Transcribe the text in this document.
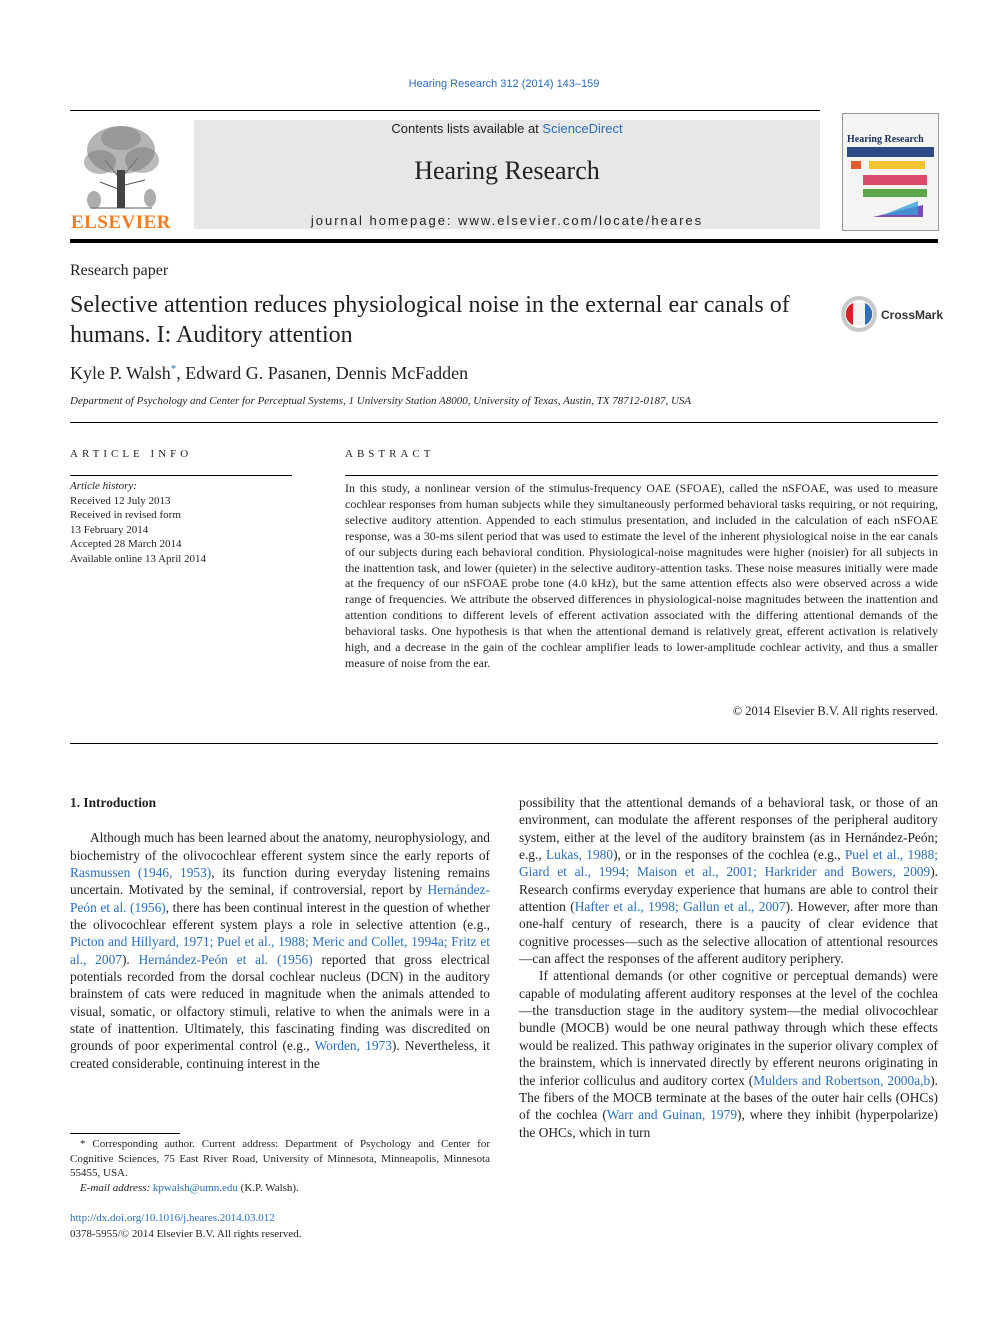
Hearing Research 312 (2014) 143–159
ELSEVIER
Contents lists available at ScienceDirect
Hearing Research
journal homepage: www.elsevier.com/locate/heares
Hearing Research
Research paper
Selective attention reduces physiological noise in the external ear canals of humans. I: Auditory attention
CrossMark
Kyle P. Walsh*, Edward G. Pasanen, Dennis McFadden
Department of Psychology and Center for Perceptual Systems, 1 University Station A8000, University of Texas, Austin, TX 78712-0187, USA
ARTICLE INFO
Article history:
Received 12 July 2013
Received in revised form
13 February 2014
Accepted 28 March 2014
Available online 13 April 2014
ABSTRACT
In this study, a nonlinear version of the stimulus-frequency OAE (SFOAE), called the nSFOAE, was used to measure cochlear responses from human subjects while they simultaneously performed behavioral tasks requiring, or not requiring, selective auditory attention. Appended to each stimulus presentation, and included in the calculation of each nSFOAE response, was a 30-ms silent period that was used to estimate the level of the inherent physiological noise in the ear canals of our subjects during each behavioral condition. Physiological-noise magnitudes were higher (noisier) for all subjects in the inattention task, and lower (quieter) in the selective auditory-attention tasks. These noise measures initially were made at the frequency of our nSFOAE probe tone (4.0 kHz), but the same attention effects also were observed across a wide range of frequencies. We attribute the observed differences in physiological-noise magnitudes between the inattention and attention conditions to different levels of efferent activation associated with the differing attentional demands of the behavioral tasks. One hypothesis is that when the attentional demand is relatively great, efferent activation is relatively high, and a decrease in the gain of the cochlear amplifier leads to lower-amplitude cochlear activity, and thus a smaller measure of noise from the ear.
© 2014 Elsevier B.V. All rights reserved.
1. Introduction

Although much has been learned about the anatomy, neurophysiology, and biochemistry of the olivocochlear efferent system since the early reports of Rasmussen (1946, 1953), its function during everyday listening remains uncertain. Motivated by the seminal, if controversial, report by Hernández-Peón et al. (1956), there has been continual interest in the question of whether the olivocochlear efferent system plays a role in selective attention (e.g., Picton and Hillyard, 1971; Puel et al., 1988; Meric and Collet, 1994a; Fritz et al., 2007). Hernández-Peón et al. (1956) reported that gross electrical potentials recorded from the dorsal cochlear nucleus (DCN) in the auditory brainstem of cats were reduced in magnitude when the animals attended to visual, somatic, or olfactory stimuli, relative to when the animals were in a state of inattention. Ultimately, this fascinating finding was discredited on grounds of poor experimental control (e.g., Worden, 1973). Nevertheless, it created considerable, continuing interest in the

possibility that the attentional demands of a behavioral task, or those of an environment, can modulate the afferent responses of the peripheral auditory system, either at the level of the auditory brainstem (as in Hernández-Peón; e.g., Lukas, 1980), or in the responses of the cochlea (e.g., Puel et al., 1988; Giard et al., 1994; Maison et al., 2001; Harkrider and Bowers, 2009). Research confirms everyday experience that humans are able to control their attention (Hafter et al., 1998; Gallun et al., 2007). However, after more than one-half century of research, there is a paucity of clear evidence that cognitive processes—such as the selective allocation of attentional resources—can affect the responses of the afferent auditory periphery.

If attentional demands (or other cognitive or perceptual demands) were capable of modulating afferent auditory responses at the level of the cochlea—the transduction stage in the auditory system—the medial olivocochlear bundle (MOCB) would be one neural pathway through which these effects would be realized. This pathway originates in the superior olivary complex of the brainstem, which is innervated directly by efferent neurons originating in the inferior colliculus and auditory cortex (Mulders and Robertson, 2000a,b). The fibers of the MOCB terminate at the bases of the outer hair cells (OHCs) of the cochlea (Warr and Guinan, 1979), where they inhibit (hyperpolarize) the OHCs, which in turn

* Corresponding author. Current address: Department of Psychology and Center for Cognitive Sciences, 75 East River Road, University of Minnesota, Minneapolis, Minnesota 55455, USA.

E-mail address: kpwalsh@umn.edu (K.P. Walsh).

http://dx.doi.org/10.1016/j.heares.2014.03.012
0378-5955/© 2014 Elsevier B.V. All rights reserved.
